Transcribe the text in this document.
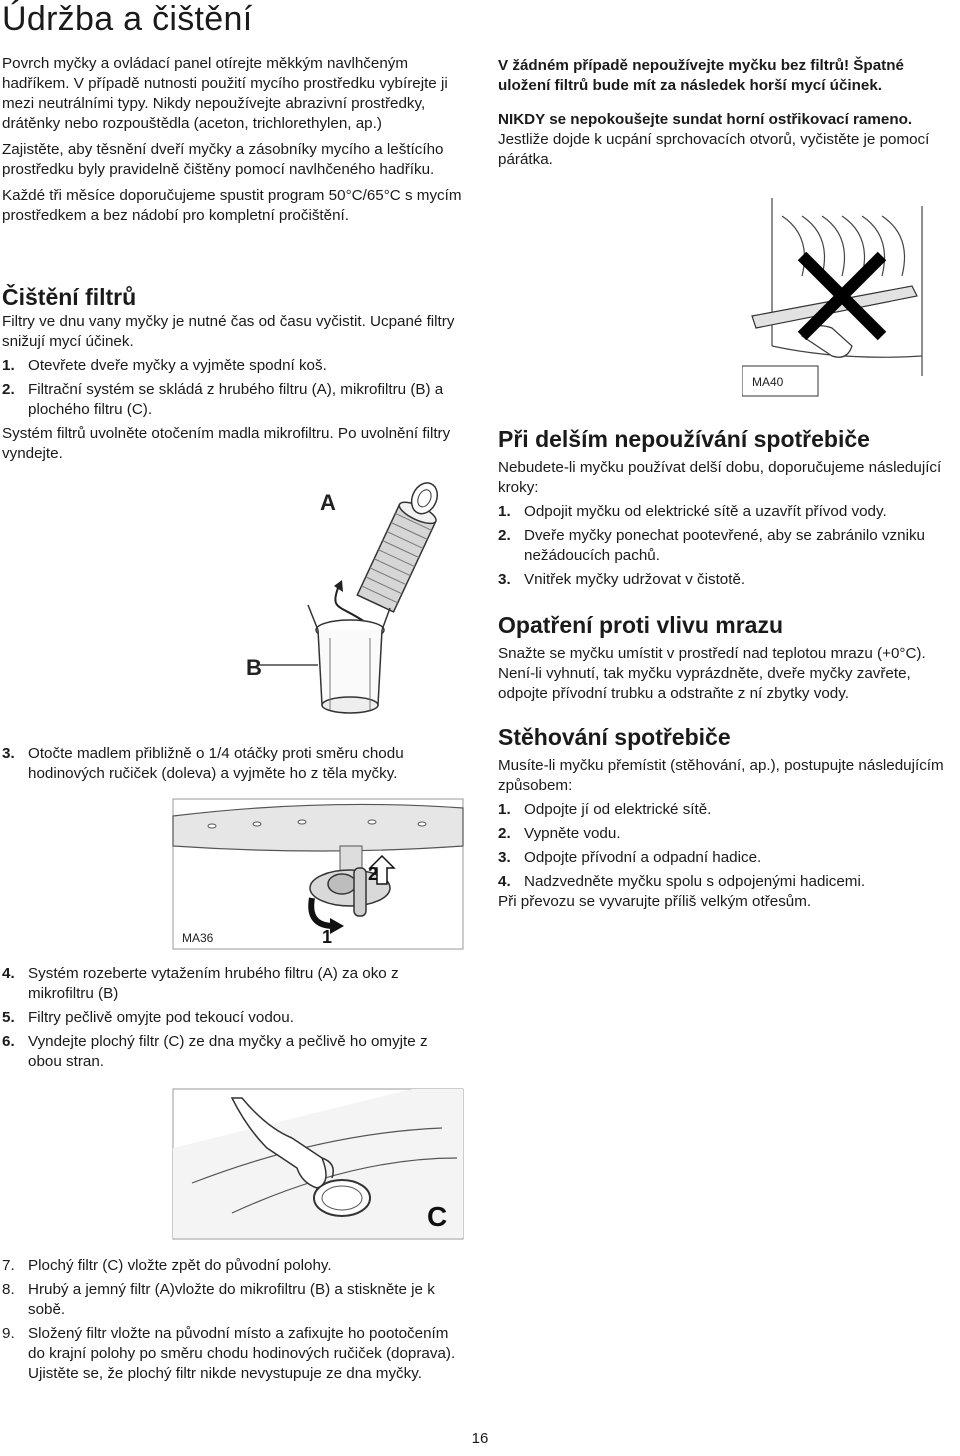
Údržba a čištění

Povrch myčky a ovládací panel otírejte měkkým navlhčeným hadříkem. V případě nutnosti použití mycího prostředku vybírejte ji mezi neutrálními typy. Nikdy nepoužívejte abrazivní prostředky, drátěnky nebo rozpouštědla (aceton, trichlorethylen, ap.)

Zajistěte, aby těsnění dveří myčky a zásobníky mycího a leštícího prostředku byly pravidelně čištěny pomocí navlhčeného hadříku.

Každé tři měsíce doporučujeme spustit program 50°C/65°C s mycím prostředkem a bez nádobí pro kompletní pročištění.

Čištění filtrů

Filtry ve dnu vany myčky je nutné čas od času vyčistit. Ucpané filtry snižují mycí účinek.

1. Otevřete dveře myčky a vyjměte spodní koš.
2. Filtrační systém se skládá z hrubého filtru (A), mikrofiltru (B) a plochého filtru (C).

Systém filtrů uvolněte otočením madla mikrofiltru. Po uvolnění filtry vyndejte.

A
B
3. Otočte madlem přibližně o 1/4 otáčky proti směru chodu hodinových ručiček (doleva) a vyjměte ho z těla myčky.
1
2
MA36
4. Systém rozeberte vytažením hrubého filtru (A) za oko z mikrofiltru (B)
5. Filtry pečlivě omyjte pod tekoucí vodou.
6. Vyndejte plochý filtr (C) ze dna myčky a pečlivě ho omyjte z obou stran.
C
7. Plochý filtr (C) vložte zpět do původní polohy.
8. Hrubý a jemný filtr (A)vložte do mikrofiltru (B) a stiskněte je k sobě.
9. Složený filtr vložte na původní místo a zafixujte ho pootočením do krajní polohy po směru chodu hodinových ručiček (doprava). Ujistěte se, že plochý filtr nikde nevystupuje ze dna myčky.

V žádném případě nepoužívejte myčku bez filtrů! Špatné uložení filtrů bude mít za následek horší mycí účinek.

NIKDY se nepokoušejte sundat horní ostřikovací rameno.

Jestliže dojde k ucpání sprchovacích otvorů, vyčistěte je pomocí párátka.

MA40
Při delším nepoužívání spotřebiče

Nebudete-li myčku používat delší dobu, doporučujeme následující kroky:

1. Odpojit myčku od elektrické sítě a uzavřít přívod vody.
2. Dveře myčky ponechat pootevřené, aby se zabránilo vzniku nežádoucích pachů.
3. Vnitřek myčky udržovat v čistotě.
Opatření proti vlivu mrazu

Snažte se myčku umístit v prostředí nad teplotou mrazu (+0°C). Není-li vyhnutí, tak myčku vyprázdněte, dveře myčky zavřete, odpojte přívodní trubku a odstraňte z ní zbytky vody.

Stěhování spotřebiče

Musíte-li myčku přemístit (stěhování, ap.), postupujte následujícím způsobem:

1. Odpojte jí od elektrické sítě.
2. Vypněte vodu.
3. Odpojte přívodní a odpadní hadice.
4. Nadzvedněte myčku spolu s odpojenými hadicemi.

Při převozu se vyvarujte příliš velkým otřesům.

16
